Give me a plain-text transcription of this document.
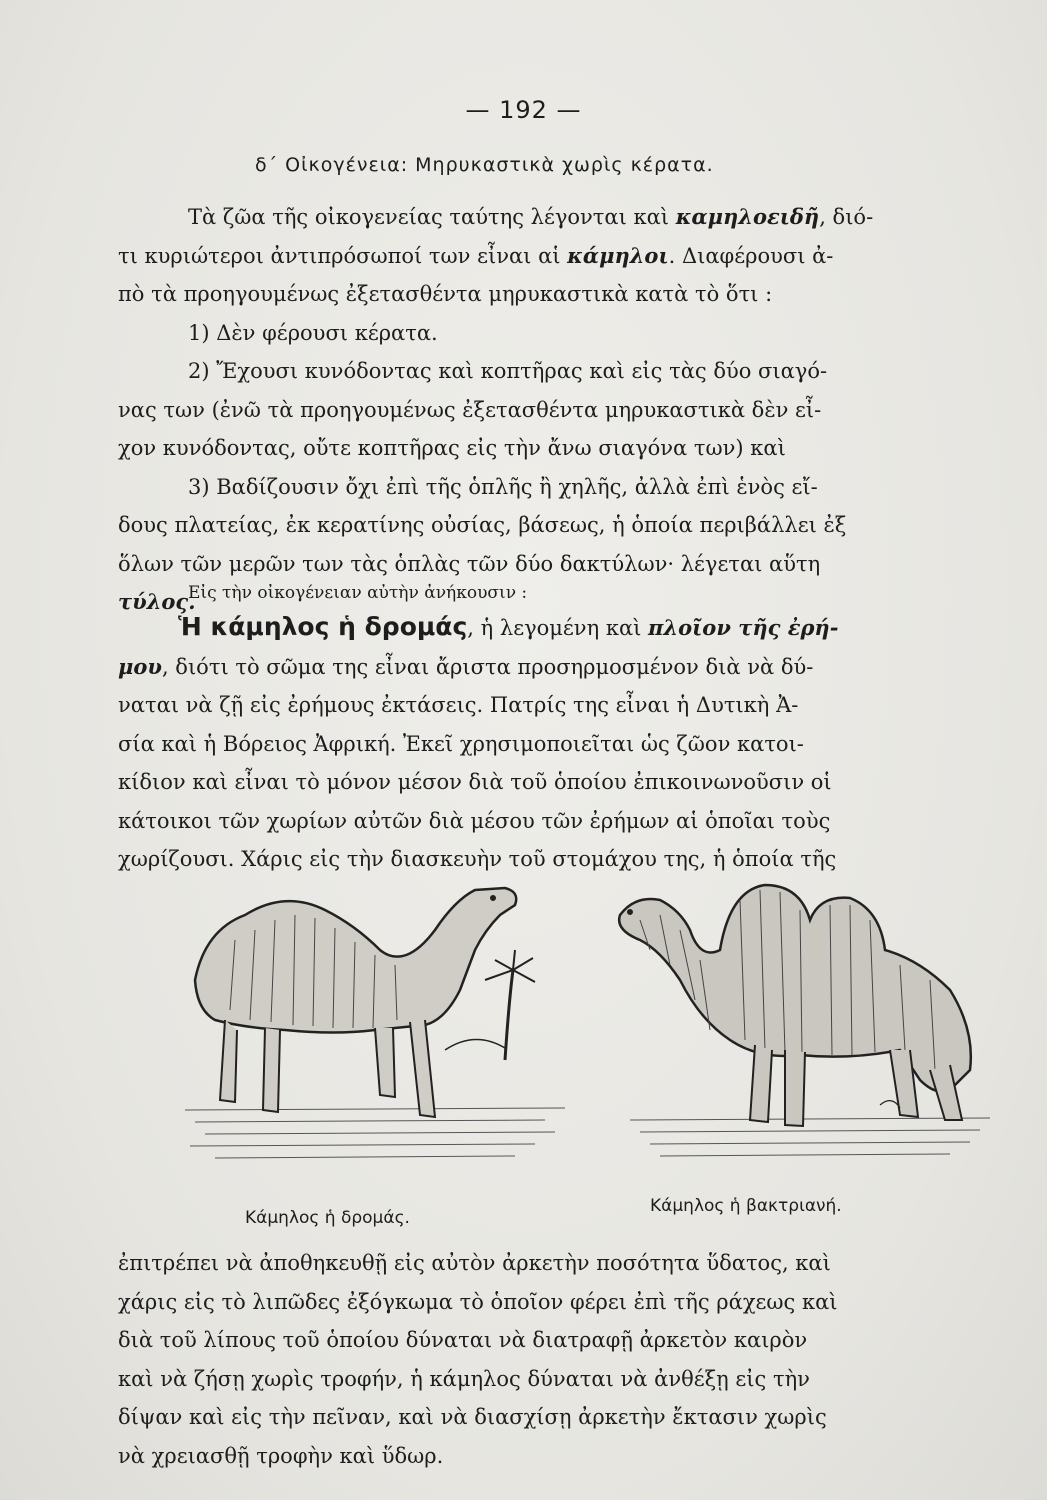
— 192 —
δ΄ Οἰκογένεια: Μηρυκαστικὰ χωρὶς κέρατα.

Τὰ ζῶα τῆς οἰκογενείας ταύτης λέγονται καὶ καμηλοειδῆ, διό-

τι κυριώτεροι ἀντιπρόσωποί των εἶναι αἱ κάμηλοι. Διαφέρουσι ἀ-

πὸ τὰ προηγουμένως ἐξετασθέντα μηρυκαστικὰ κατὰ τὸ ὅτι :

1) Δὲν φέρουσι κέρατα.

2) Ἔχουσι κυνόδοντας καὶ κοπτῆρας καὶ εἰς τὰς δύο σιαγό-

νας των (ἐνῶ τὰ προηγουμένως ἐξετασθέντα μηρυκαστικὰ δὲν εἶ-

χον κυνόδοντας, οὔτε κοπτῆρας εἰς τὴν ἄνω σιαγόνα των) καὶ

3) Βαδίζουσιν ὄχι ἐπὶ τῆς ὁπλῆς ἢ χηλῆς, ἀλλὰ ἐπὶ ἑνὸς εἴ-

δους πλατείας, ἐκ κερατίνης οὐσίας, βάσεως, ἡ ὁποία περιβάλλει ἐξ

ὅλων τῶν μερῶν των τὰς ὁπλὰς τῶν δύο δακτύλων· λέγεται αὕτη

τύλος.

Εἰς τὴν οἰκογένειαν αὐτὴν ἀνήκουσιν :

Ἡ κάμηλος ἡ δρομάς, ἡ λεγομένη καὶ πλοῖον τῆς ἐρή-

μου, διότι τὸ σῶμα της εἶναι ἄριστα προσηρμοσμένον διὰ νὰ δύ-

ναται νὰ ζῇ εἰς ἐρήμους ἐκτάσεις. Πατρίς της εἶναι ἡ Δυτικὴ Ἀ-

σία καὶ ἡ Βόρειος Ἀφρική. Ἐκεῖ χρησιμοποιεῖται ὡς ζῶον κατοι-

κίδιον καὶ εἶναι τὸ μόνον μέσον διὰ τοῦ ὁποίου ἐπικοινωνοῦσιν οἱ

κάτοικοι τῶν χωρίων αὐτῶν διὰ μέσου τῶν ἐρήμων αἱ ὁποῖαι τοὺς

χωρίζουσι. Χάρις εἰς τὴν διασκευὴν τοῦ στομάχου της, ἡ ὁποία τῆς

Κάμηλος ἡ δρομάς.
Κάμηλος ἡ βακτριανή.

ἐπιτρέπει νὰ ἀποθηκευθῇ εἰς αὐτὸν ἀρκετὴν ποσότητα ὕδατος, καὶ

χάρις εἰς τὸ λιπῶδες ἐξόγκωμα τὸ ὁποῖον φέρει ἐπὶ τῆς ράχεως καὶ

διὰ τοῦ λίπους τοῦ ὁποίου δύναται νὰ διατραφῇ ἀρκετὸν καιρὸν

καὶ νὰ ζήσῃ χωρὶς τροφήν, ἡ κάμηλος δύναται νὰ ἀνθέξῃ εἰς τὴν

δίψαν καὶ εἰς τὴν πεῖναν, καὶ νὰ διασχίσῃ ἀρκετὴν ἔκτασιν χωρὶς

νὰ χρειασθῇ τροφὴν καὶ ὕδωρ.
